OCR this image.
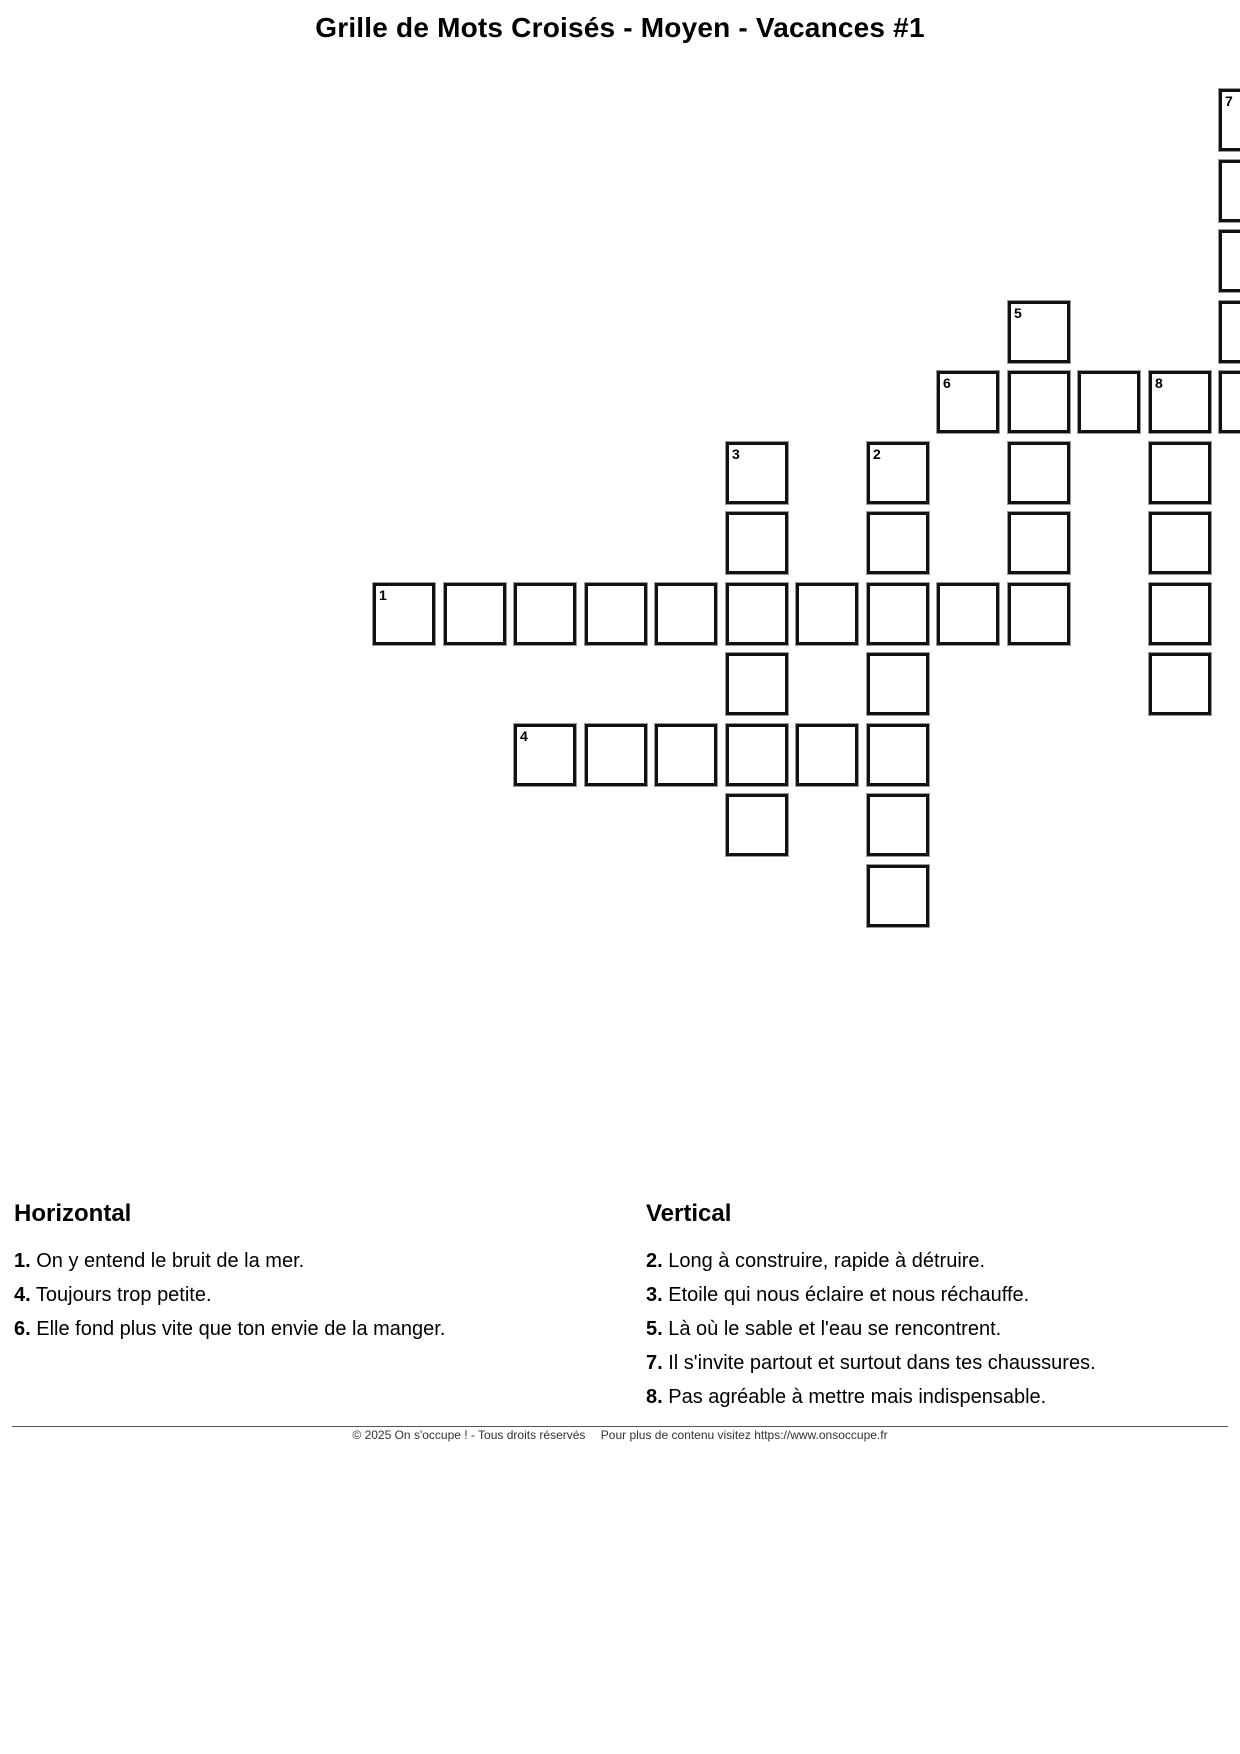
Grille de Mots Croisés - Moyen - Vacances #1
7
5
6	8
3	2
1
4
Horizontal
1. On y entend le bruit de la mer.
4. Toujours trop petite.
6. Elle fond plus vite que ton envie de la manger.
Vertical
2. Long à construire, rapide à détruire.
3. Etoile qui nous éclaire et nous réchauffe.
5. Là où le sable et l'eau se rencontrent.
7. Il s'invite partout et surtout dans tes chaussures.
8. Pas agréable à mettre mais indispensable.
© 2025 On s'occupe ! - Tous droits réservés Pour plus de contenu visitez https://www.onsoccupe.fr
